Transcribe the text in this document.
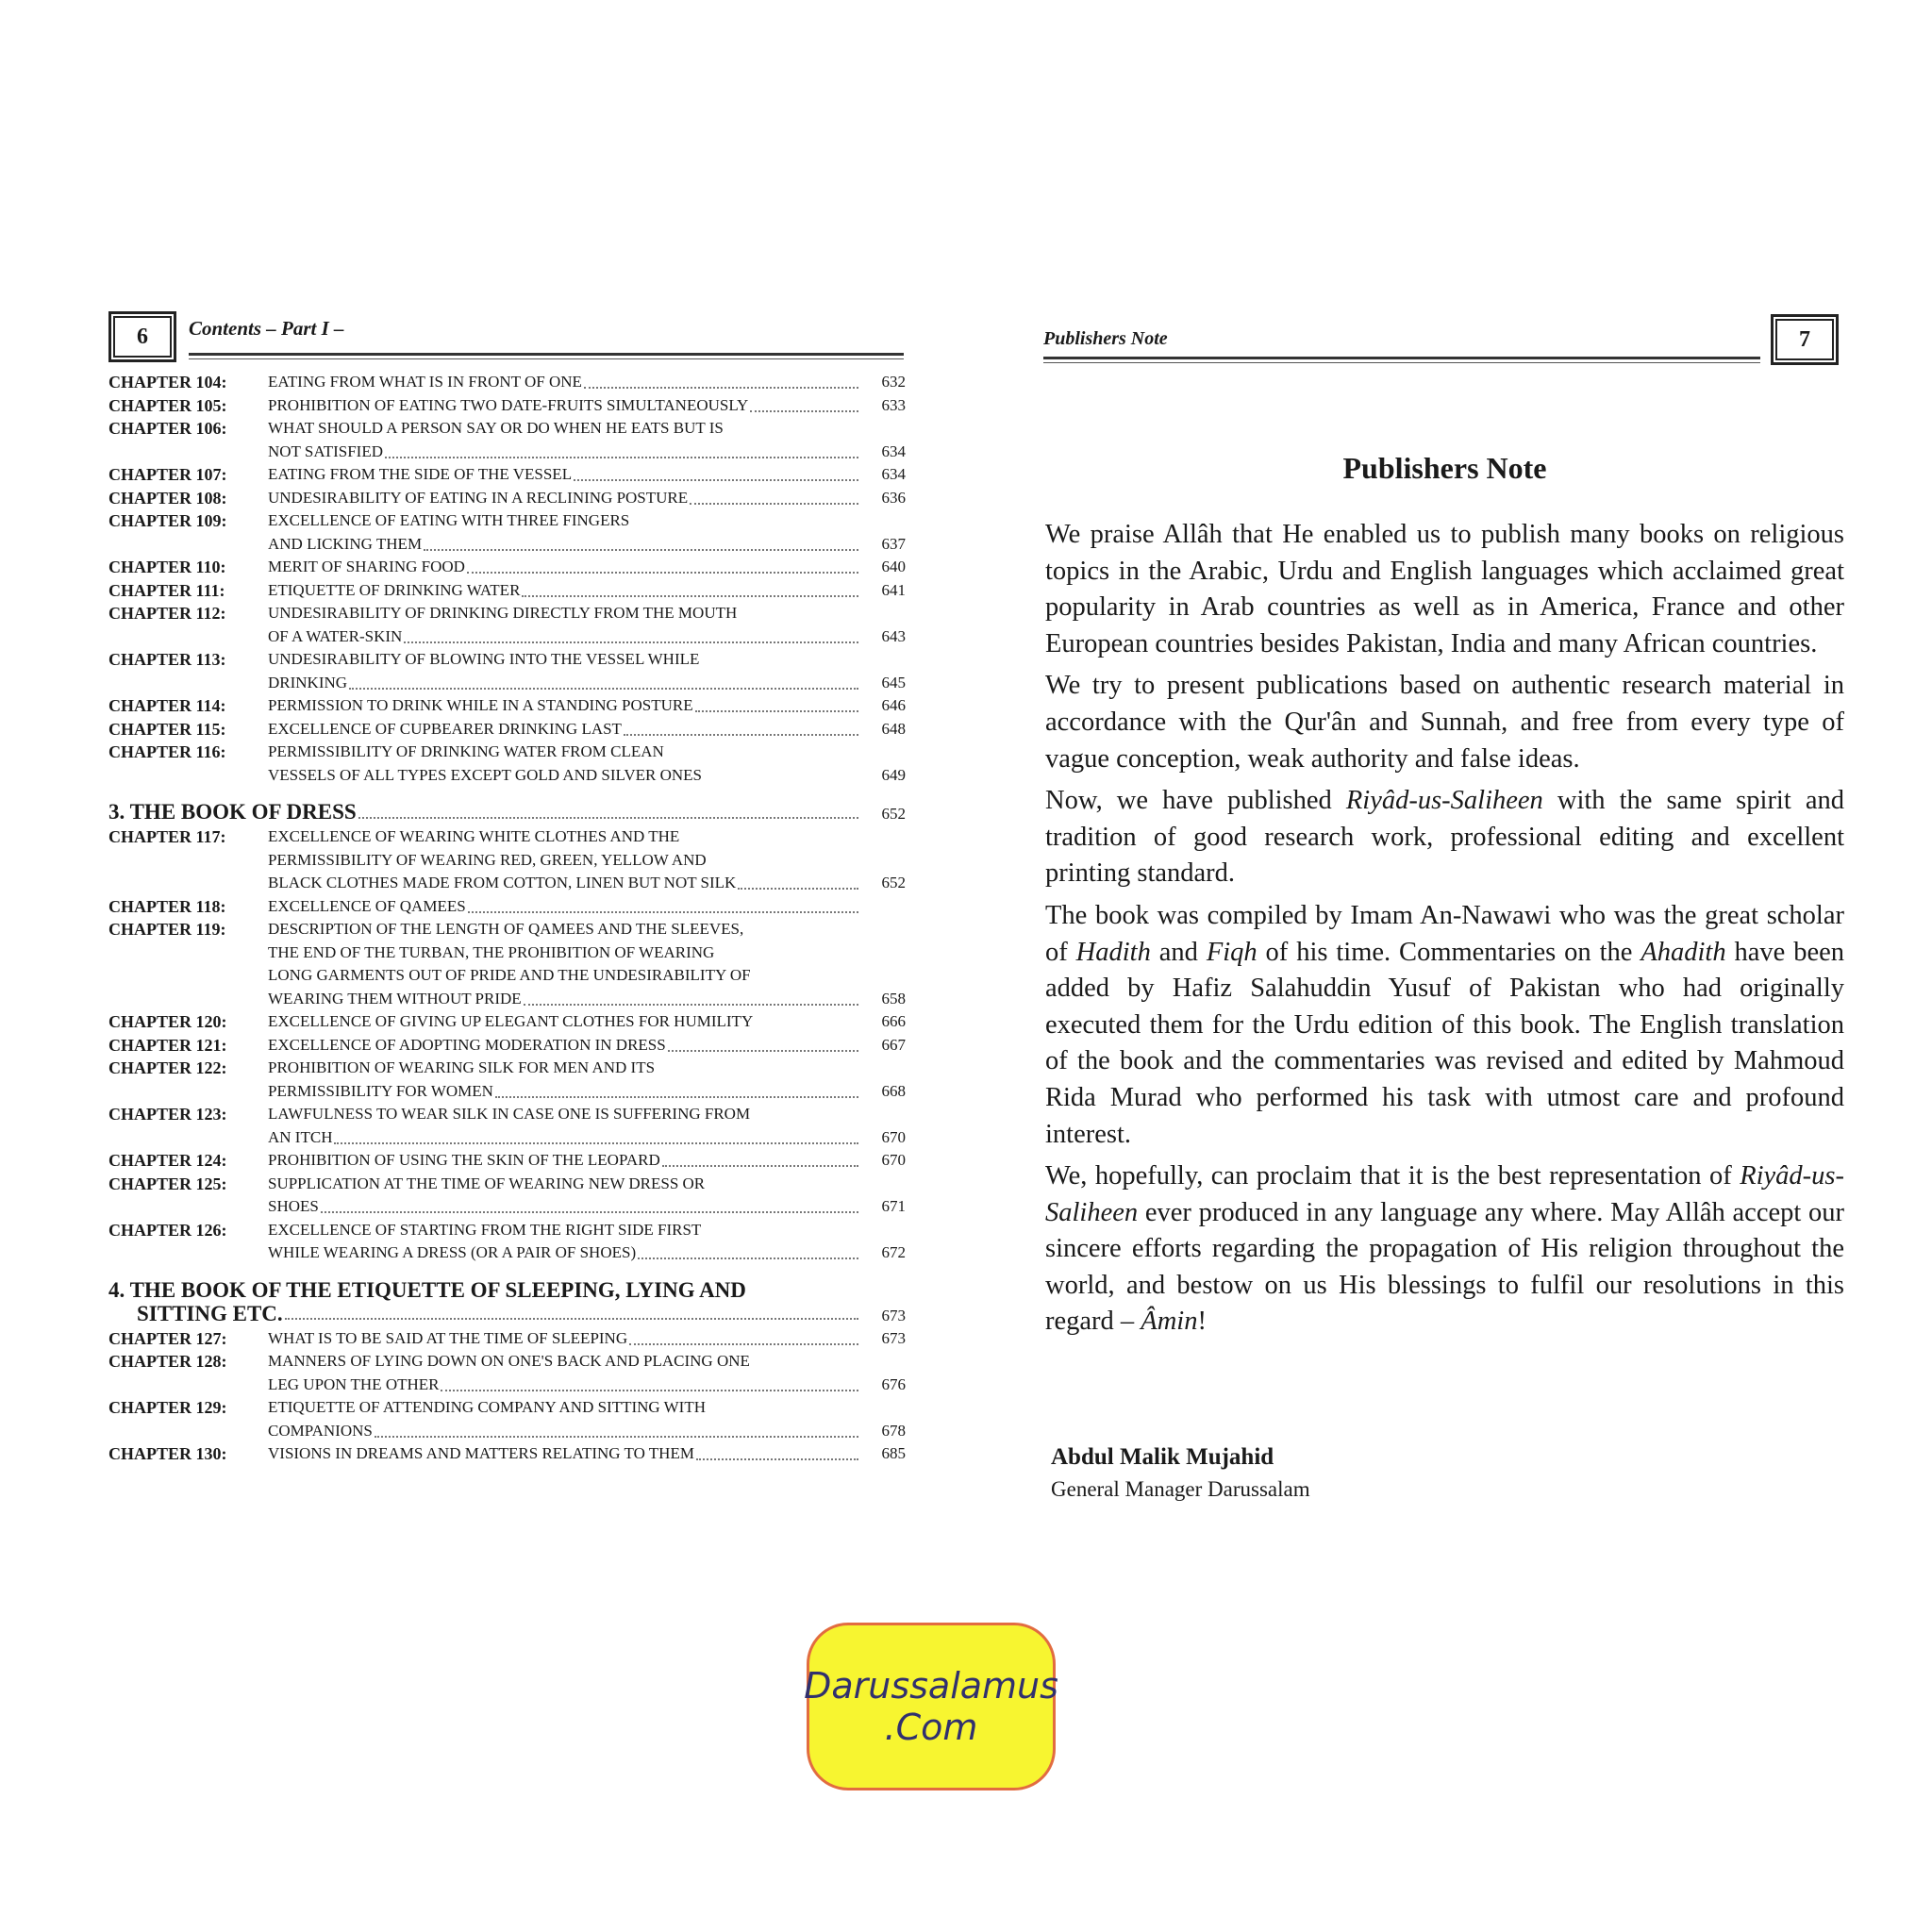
6 Contents – Part I –
CHAPTER 104:	EATING FROM WHAT IS IN FRONT OF ONE	632
CHAPTER 105:	PROHIBITION OF EATING TWO DATE-FRUITS SIMULTANEOUSLY	633
CHAPTER 106:	WHAT SHOULD A PERSON SAY OR DO WHEN HE EATS BUT IS
NOT SATISFIED	634
CHAPTER 107:	EATING FROM THE SIDE OF THE VESSEL	634
CHAPTER 108:	UNDESIRABILITY OF EATING IN A RECLINING POSTURE	636
CHAPTER 109:	EXCELLENCE OF EATING WITH THREE FINGERS
AND LICKING THEM	637
CHAPTER 110:	MERIT OF SHARING FOOD	640
CHAPTER 111:	ETIQUETTE OF DRINKING WATER	641
CHAPTER 112:	UNDESIRABILITY OF DRINKING DIRECTLY FROM THE MOUTH
OF A WATER-SKIN	643
CHAPTER 113:	UNDESIRABILITY OF BLOWING INTO THE VESSEL WHILE
DRINKING	645
CHAPTER 114:	PERMISSION TO DRINK WHILE IN A STANDING POSTURE	646
CHAPTER 115:	EXCELLENCE OF CUPBEARER DRINKING LAST	648
CHAPTER 116:	PERMISSIBILITY OF DRINKING WATER FROM CLEAN
VESSELS OF ALL TYPES EXCEPT GOLD AND SILVER ONES	649
3. THE BOOK OF DRESS	652
CHAPTER 117:	EXCELLENCE OF WEARING WHITE CLOTHES AND THE
PERMISSIBILITY OF WEARING RED, GREEN, YELLOW AND
BLACK CLOTHES MADE FROM COTTON, LINEN BUT NOT SILK	652
CHAPTER 118:	EXCELLENCE OF QAMEES
CHAPTER 119:	DESCRIPTION OF THE LENGTH OF QAMEES AND THE SLEEVES,
THE END OF THE TURBAN, THE PROHIBITION OF WEARING
LONG GARMENTS OUT OF PRIDE AND THE UNDESIRABILITY OF
WEARING THEM WITHOUT PRIDE	658
CHAPTER 120:	EXCELLENCE OF GIVING UP ELEGANT CLOTHES FOR HUMILITY	666
CHAPTER 121:	EXCELLENCE OF ADOPTING MODERATION IN DRESS	667
CHAPTER 122:	PROHIBITION OF WEARING SILK FOR MEN AND ITS
PERMISSIBILITY FOR WOMEN	668
CHAPTER 123:	LAWFULNESS TO WEAR SILK IN CASE ONE IS SUFFERING FROM
AN ITCH	670
CHAPTER 124:	PROHIBITION OF USING THE SKIN OF THE LEOPARD	670
CHAPTER 125:	SUPPLICATION AT THE TIME OF WEARING NEW DRESS OR
SHOES	671
CHAPTER 126:	EXCELLENCE OF STARTING FROM THE RIGHT SIDE FIRST
WHILE WEARING A DRESS (OR A PAIR OF SHOES)	672
4. THE BOOK OF THE ETIQUETTE OF SLEEPING, LYING AND
SITTING ETC.	673
CHAPTER 127:	WHAT IS TO BE SAID AT THE TIME OF SLEEPING	673
CHAPTER 128:	MANNERS OF LYING DOWN ON ONE'S BACK AND PLACING ONE
LEG UPON THE OTHER	676
CHAPTER 129:	ETIQUETTE OF ATTENDING COMPANY AND SITTING WITH
COMPANIONS	678
CHAPTER 130:	VISIONS IN DREAMS AND MATTERS RELATING TO THEM	685
Publishers Note	7
Publishers Note

We praise Allâh that He enabled us to publish many books on religious topics in the Arabic, Urdu and English languages which acclaimed great popularity in Arab countries as well as in America, France and other European countries besides Pakistan, India and many African countries.

We try to present publications based on authentic research material in accordance with the Qur'ân and Sunnah, and free from every type of vague conception, weak authority and false ideas.

Now, we have published Riyâd-us-Saliheen with the same spirit and tradition of good research work, professional editing and excellent printing standard.

The book was compiled by Imam An-Nawawi who was the great scholar of Hadith and Fiqh of his time. Commentaries on the Ahadith have been added by Hafiz Salahuddin Yusuf of Pakistan who had originally executed them for the Urdu edition of this book. The English translation of the book and the commentaries was revised and edited by Mahmoud Rida Murad who performed his task with utmost care and profound interest.

We, hopefully, can proclaim that it is the best representation of Riyâd-us-Saliheen ever produced in any language any where. May Allâh accept our sincere efforts regarding the propagation of His religion throughout the world, and bestow on us His blessings to fulfil our resolutions in this regard – Âmin!

Abdul Malik Mujahid
General Manager Darussalam
Darussalamus
.Com
